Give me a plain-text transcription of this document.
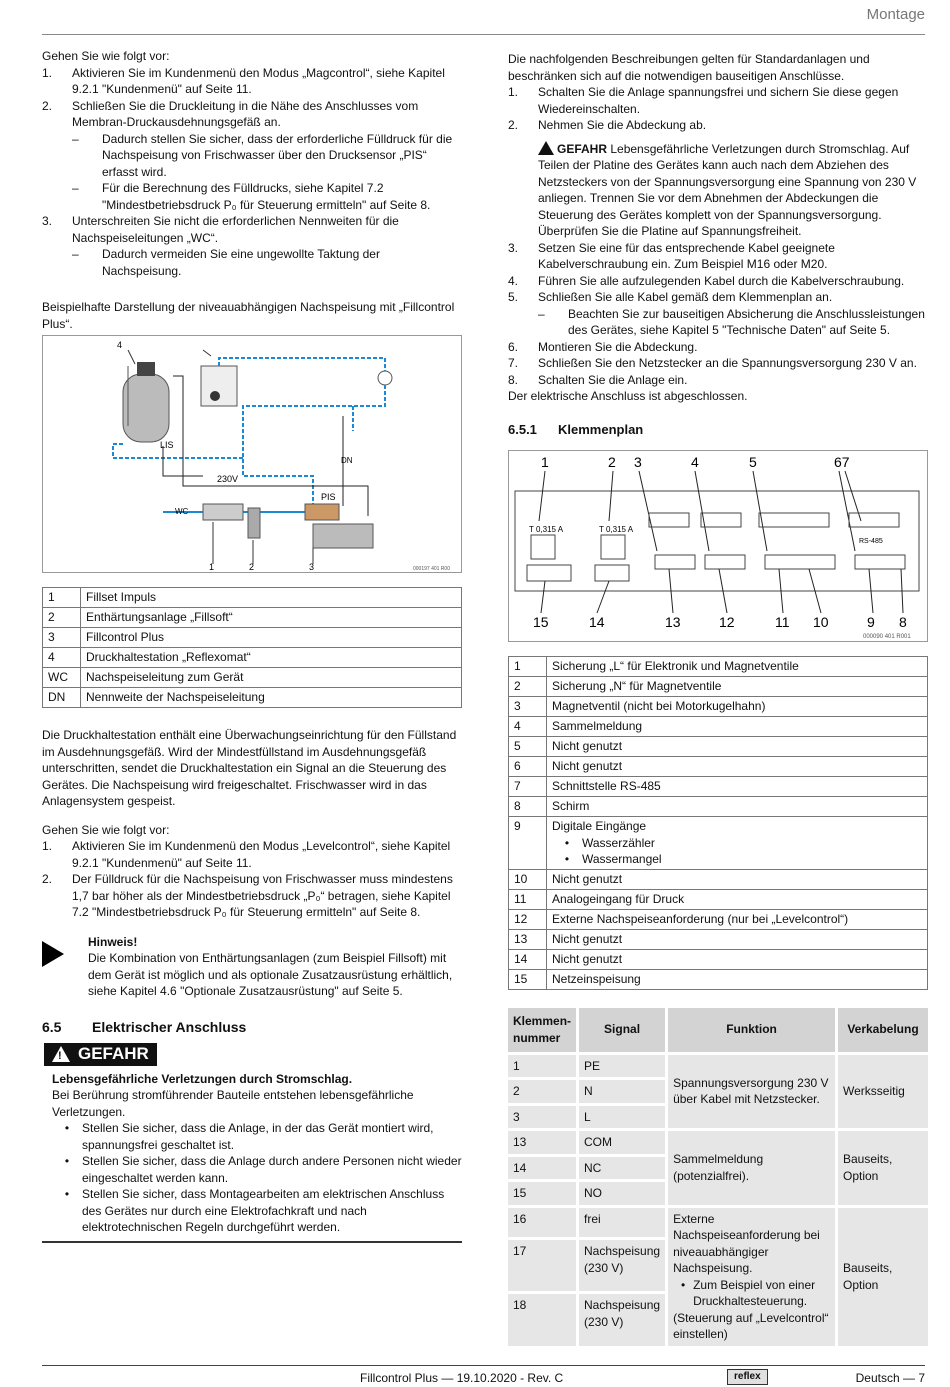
Montage

Gehen Sie wie folgt vor:

1.	Aktivieren Sie im Kundenmenü den Modus „Magcontrol“, siehe Kapitel 9.2.1 "Kundenmenü" auf Seite 11.
2.	Schließen Sie die Druckleitung in die Nähe des Anschlusses vom Membran-Druckausdehnungsgefäß an.
–	Dadurch stellen Sie sicher, dass der erforderliche Fülldruck für die Nachspeisung von Frischwasser über den Drucksensor „PIS“ erfasst wird.
–	Für die Berechnung des Fülldrucks, siehe Kapitel 7.2 "Mindestbetriebsdruck P₀ für Steuerung ermitteln" auf Seite 8.
3.	Unterschreiten Sie nicht die erforderlichen Nennweiten für die Nachspeiseleitungen „WC“.
–	Dadurch vermeiden Sie eine ungewollte Taktung der Nachspeisung.

Beispielhafte Darstellung der niveauabhängigen Nachspeisung mit „Fillcontrol Plus“.

4
LIS
230V
DN
WC
PIS
1	2	3	000197 401 R00
1	Fillset Impuls
2	Enthärtungsanlage „Fillsoft“
3	Fillcontrol Plus
4	Druckhaltestation „Reflexomat“
WC	Nachspeiseleitung zum Gerät
DN	Nennweite der Nachspeiseleitung

Die Druckhaltestation enthält eine Überwachungseinrichtung für den Füllstand im Ausdehnungsgefäß. Wird der Mindestfüllstand im Ausdehnungsgefäß unterschritten, sendet die Druckhaltestation ein Signal an die Steuerung des Gerätes. Die Nachspeisung wird freigeschaltet. Frischwasser wird in das Anlagensystem gespeist.

Gehen Sie wie folgt vor:

1.	Aktivieren Sie im Kundenmenü den Modus „Levelcontrol“, siehe Kapitel 9.2.1 "Kundenmenü" auf Seite 11.
2.	Der Fülldruck für die Nachspeisung von Frischwasser muss mindestens 1,7 bar höher als der Mindestbetriebsdruck „P₀“ betragen, siehe Kapitel 7.2 "Mindestbetriebsdruck P₀ für Steuerung ermitteln" auf Seite 8.
Hinweis!
Die Kombination von Enthärtungsanlagen (zum Beispiel Fillsoft) mit dem Gerät ist möglich und als optionale Zusatzausrüstung erhältlich, siehe Kapitel 4.6 "Optionale Zusatzausrüstung" auf Seite 5.
6.5	Elektrischer Anschluss
! GEFAHR
Lebensgefährliche Verletzungen durch Stromschlag.
Bei Berührung stromführender Bauteile entstehen lebensgefährliche Verletzungen.
•	Stellen Sie sicher, dass die Anlage, in der das Gerät montiert wird, spannungsfrei geschaltet ist.
•	Stellen Sie sicher, dass die Anlage durch andere Personen nicht wieder eingeschaltet werden kann.
•	Stellen Sie sicher, dass Montagearbeiten am elektrischen Anschluss des Gerätes nur durch eine Elektrofachkraft und nach elektrotechnischen Regeln durchgeführt werden.

Die nachfolgenden Beschreibungen gelten für Standardanlagen und beschränken sich auf die notwendigen bauseitigen Anschlüsse.

1.	Schalten Sie die Anlage spannungsfrei und sichern Sie diese gegen Wiedereinschalten.
2.	Nehmen Sie die Abdeckung ab.
GEFAHR Lebensgefährliche Verletzungen durch Stromschlag. Auf Teilen der Platine des Gerätes kann auch nach dem Abziehen des Netzsteckers von der Spannungsversorgung eine Spannung von 230 V anliegen. Trennen Sie vor dem Abnehmen der Abdeckungen die Steuerung des Gerätes komplett von der Spannungsversorgung. Überprüfen Sie die Platine auf Spannungsfreiheit.
3.	Setzen Sie eine für das entsprechende Kabel geeignete Kabelverschraubung ein. Zum Beispiel M16 oder M20.
4.	Führen Sie alle aufzulegenden Kabel durch die Kabelverschraubung.
5.	Schließen Sie alle Kabel gemäß dem Klemmenplan an.
–	Beachten Sie zur bauseitigen Absicherung die Anschlussleistungen des Gerätes, siehe Kapitel 5 "Technische Daten" auf Seite 5.
6.	Montieren Sie die Abdeckung.
7.	Schließen Sie den Netzstecker an die Spannungsversorgung 230 V an.
8.	Schalten Sie die Anlage ein.

Der elektrische Anschluss ist abgeschlossen.

6.5.1	Klemmenplan
1	2 3	4	5	67
T 0,315 A	T 0,315 A
RS-485
15	14	13	12	11 10	9 8
000090 401 R001
1	Sicherung „L“ für Elektronik und Magnetventile
2	Sicherung „N“ für Magnetventile
3	Magnetventil (nicht bei Motorkugelhahn)
4	Sammelmeldung
5	Nicht genutzt
6	Nicht genutzt
7	Schnittstelle RS-485
8	Schirm
9	Digitale Eingänge
• Wasserzähler
• Wassermangel

10	Nicht genutzt
11	Analogeingang für Druck
12	Externe Nachspeiseanforderung (nur bei „Levelcontrol“)
13	Nicht genutzt
14	Nicht genutzt
15	Netzeinspeisung
Klemmen-nummer	Signal	Funktion	Verkabelung
1	PE	Spannungsversorgung 230 V über Kabel mit Netzstecker.	Werksseitig
2	N		
3	L		
13	COM	Sammelmeldung (potenzialfrei).	Bauseits, Option
14	NC		
15	NO		
16	frei	Externe Nachspeiseanforderung bei niveauabhängiger Nachspeisung.
• Zum Beispiel von einer Druckhaltesteuerung.
(Steuerung auf „Levelcontrol“ einstellen)	Bauseits, Option
17	Nachspeisung (230 V)		
18	Nachspeisung (230 V)		
Fillcontrol Plus — 19.10.2020 - Rev. C	reflex	Deutsch — 7
